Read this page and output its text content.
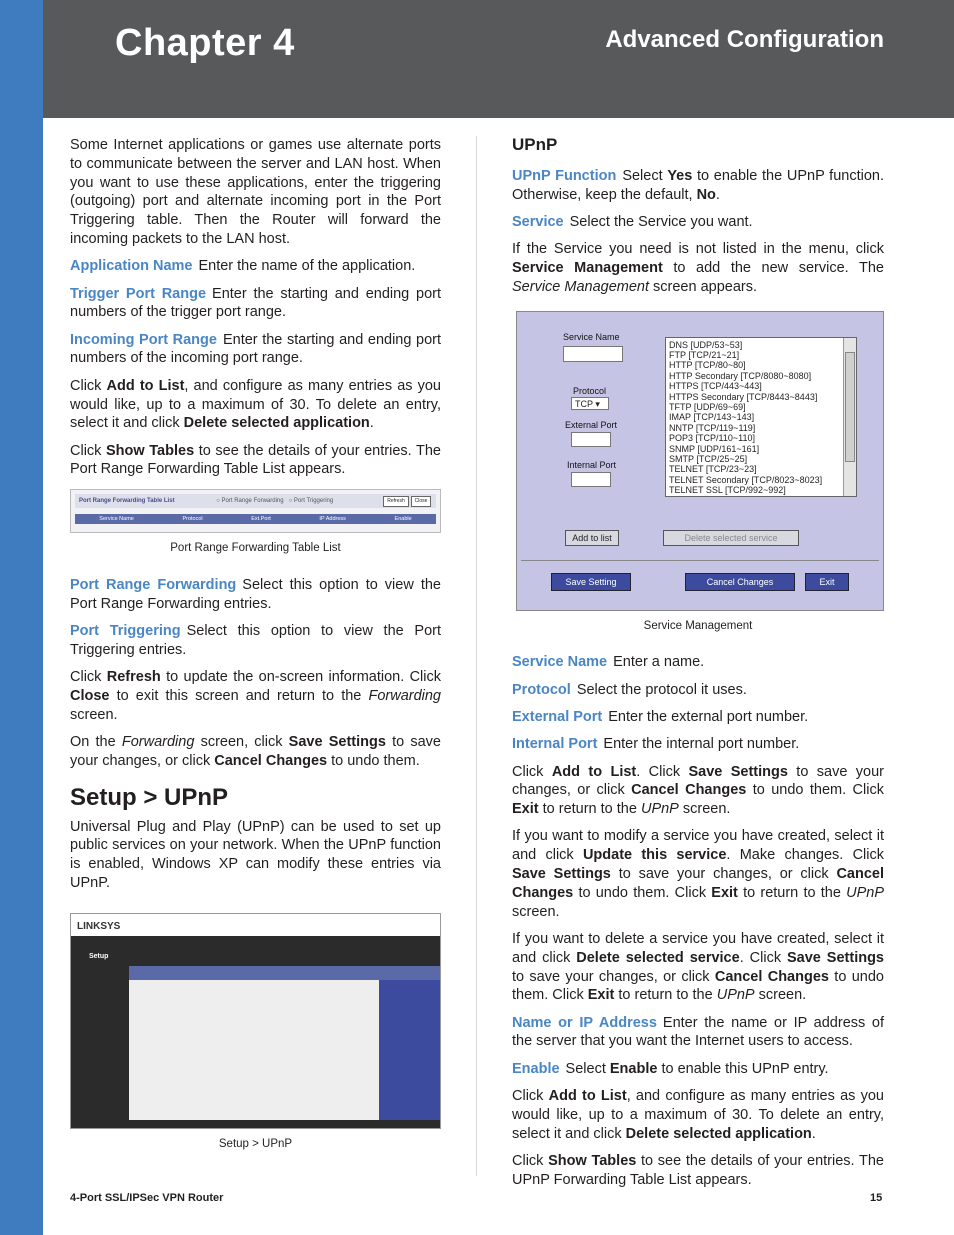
Chapter 4	Advanced Configuration

Some Internet applications or games use alternate ports to communicate between the server and LAN host. When you want to use these applications, enter the triggering (outgoing) port and alternate incoming port in the Port Triggering table. Then the Router will forward the incoming packets to the LAN host.

Application Name Enter the name of the application.

Trigger Port Range Enter the starting and ending port numbers of the trigger port range.

Incoming Port Range Enter the starting and ending port numbers of the incoming port range.

Click Add to List, and configure as many entries as you would like, up to a maximum of 30. To delete an entry, select it and click Delete selected application.

Click Show Tables to see the details of your entries. The Port Range Forwarding Table List appears.

Port Range Forwarding Table List	○ Port Range Forwarding   ○ Port Triggering	Refresh	Close
Service Name	Protocol	Ext.Port	IP Address	Enable
Port Range Forwarding Table List

Port Range Forwarding Select this option to view the Port Range Forwarding entries.

Port Triggering Select this option to view the Port Triggering entries.

Click Refresh to update the on-screen information. Click Close to exit this screen and return to the Forwarding screen.

On the Forwarding screen, click Save Settings to save your changes, or click Cancel Changes to undo them.

Setup > UPnP

Universal Plug and Play (UPnP) can be used to set up public services on your network. When the UPnP function is enabled, Windows XP can modify these entries via UPnP.

LINKSYS
Setup
Setup > UPnP
UPnP

UPnP Function Select Yes to enable the UPnP function. Otherwise, keep the default, No.

Service Select the Service you want.

If the Service you need is not listed in the menu, click Service Management to add the new service. The Service Management screen appears.

Service Name
Protocol
TCP ▾
External Port
Internal Port
DNS [UDP/53~53]
FTP [TCP/21~21]
HTTP [TCP/80~80]
HTTP Secondary [TCP/8080~8080]
HTTPS [TCP/443~443]
HTTPS Secondary [TCP/8443~8443]
TFTP [UDP/69~69]
IMAP [TCP/143~143]
NNTP [TCP/119~119]
POP3 [TCP/110~110]
SNMP [UDP/161~161]
SMTP [TCP/25~25]
TELNET [TCP/23~23]
TELNET Secondary [TCP/8023~8023]
TELNET SSL [TCP/992~992]
Add to list	Delete selected service
Save Setting	Cancel Changes	Exit
Service Management

Service Name Enter a name.

Protocol Select the protocol it uses.

External Port Enter the external port number.

Internal Port Enter the internal port number.

Click Add to List. Click Save Settings to save your changes, or click Cancel Changes to undo them. Click Exit to return to the UPnP screen.

If you want to modify a service you have created, select it and click Update this service. Make changes. Click Save Settings to save your changes, or click Cancel Changes to undo them. Click Exit to return to the UPnP screen.

If you want to delete a service you have created, select it and click Delete selected service. Click Save Settings to save your changes, or click Cancel Changes to undo them. Click Exit to return to the UPnP screen.

Name or IP Address Enter the name or IP address of the server that you want the Internet users to access.

Enable Select Enable to enable this UPnP entry.

Click Add to List, and configure as many entries as you would like, up to a maximum of 30. To delete an entry, select it and click Delete selected application.

Click Show Tables to see the details of your entries. The UPnP Forwarding Table List appears.

4-Port SSL/IPSec VPN Router	15
